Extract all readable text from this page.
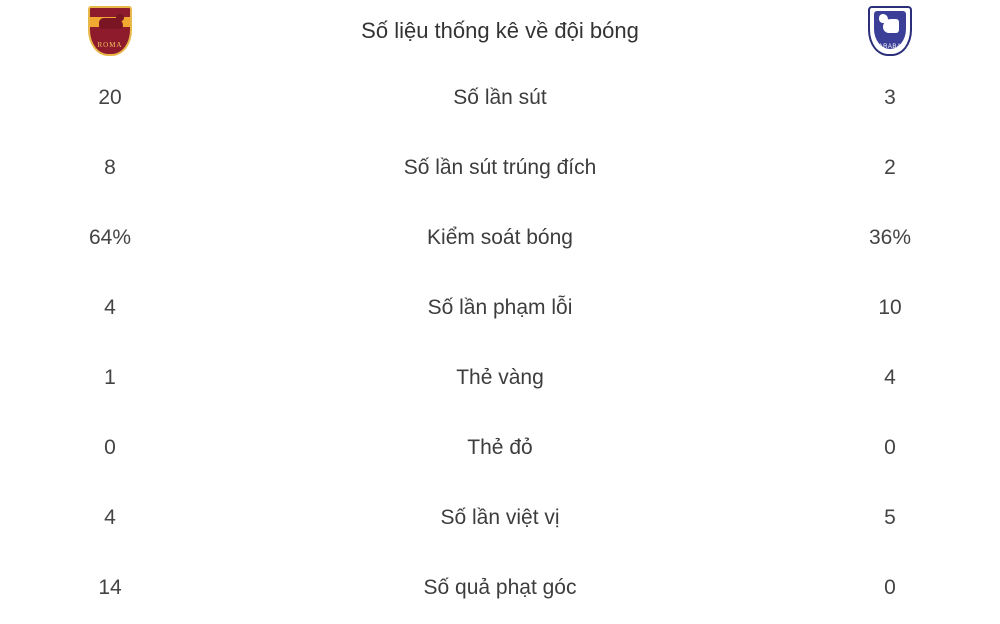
ROMA
Số liệu thống kê về đội bóng
QARABAĞ
20	Số lần sút	3
8	Số lần sút trúng đích	2
64%	Kiểm soát bóng	36%
4	Số lần phạm lỗi	10
1	Thẻ vàng	4
0	Thẻ đỏ	0
4	Số lần việt vị	5
14	Số quả phạt góc	0
